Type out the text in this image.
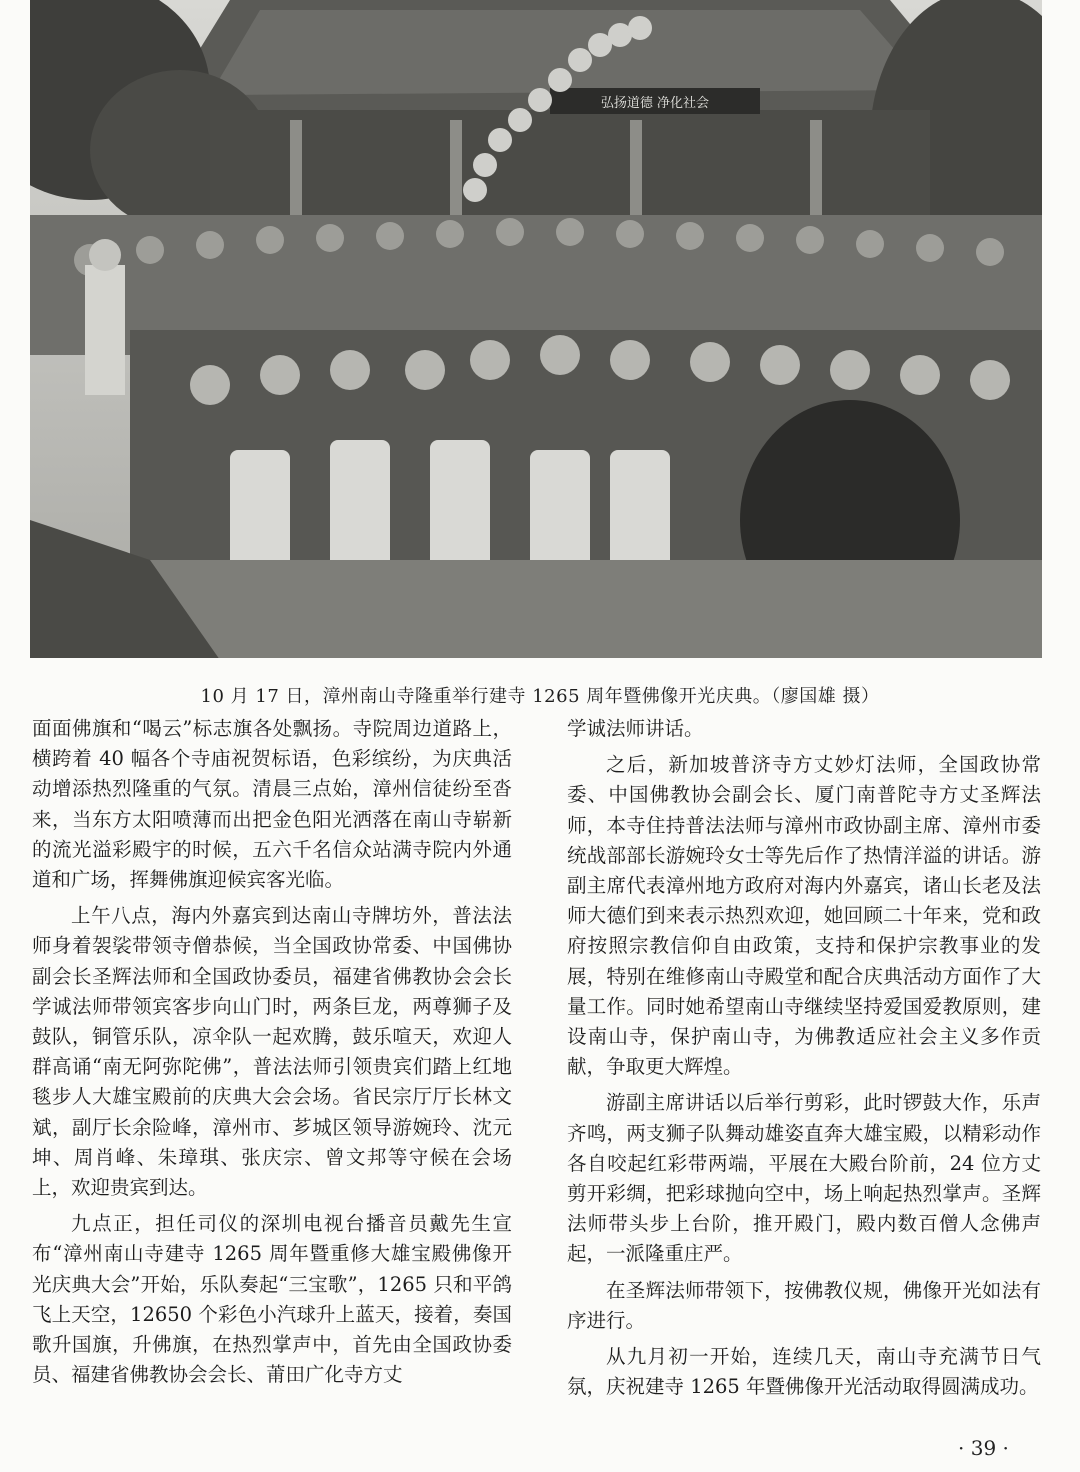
弘扬道德 净化社会
10 月 17 日，漳州南山寺隆重举行建寺 1265 周年暨佛像开光庆典。（廖国雄 摄）

面面佛旗和“喝云”标志旗各处飘扬。寺院周边道路上，横跨着 40 幅各个寺庙祝贺标语，色彩缤纷，为庆典活动增添热烈隆重的气氛。清晨三点始，漳州信徒纷至沓来，当东方太阳喷薄而出把金色阳光洒落在南山寺崭新的流光溢彩殿宇的时候，五六千名信众站满寺院内外通道和广场，挥舞佛旗迎候宾客光临。

上午八点，海内外嘉宾到达南山寺牌坊外，普法法师身着袈裟带领寺僧恭候，当全国政协常委、中国佛协副会长圣辉法师和全国政协委员，福建省佛教协会会长学诚法师带领宾客步向山门时，两条巨龙，两尊狮子及鼓队，铜管乐队，凉伞队一起欢腾，鼓乐喧天，欢迎人群高诵“南无阿弥陀佛”，普法法师引领贵宾们踏上红地毯步人大雄宝殿前的庆典大会会场。省民宗厅厅长林文斌，副厅长余险峰，漳州市、芗城区领导游婉玲、沈元坤、周肖峰、朱璋琪、张庆宗、曾文邦等守候在会场上，欢迎贵宾到达。

九点正，担任司仪的深圳电视台播音员戴先生宣布“漳州南山寺建寺 1265 周年暨重修大雄宝殿佛像开光庆典大会”开始，乐队奏起“三宝歌”，1265 只和平鸽飞上天空，12650 个彩色小汽球升上蓝天，接着，奏国歌升国旗，升佛旗，在热烈掌声中，首先由全国政协委员、福建省佛教协会会长、莆田广化寺方丈

学诚法师讲话。

之后，新加坡普济寺方丈妙灯法师，全国政协常委、中国佛教协会副会长、厦门南普陀寺方丈圣辉法师，本寺住持普法法师与漳州市政协副主席、漳州市委统战部部长游婉玲女士等先后作了热情洋溢的讲话。游副主席代表漳州地方政府对海内外嘉宾，诸山长老及法师大德们到来表示热烈欢迎，她回顾二十年来，党和政府按照宗教信仰自由政策，支持和保护宗教事业的发展，特别在维修南山寺殿堂和配合庆典活动方面作了大量工作。同时她希望南山寺继续坚持爱国爱教原则，建设南山寺，保护南山寺，为佛教适应社会主义多作贡献，争取更大辉煌。

游副主席讲话以后举行剪彩，此时锣鼓大作，乐声齐鸣，两支狮子队舞动雄姿直奔大雄宝殿，以精彩动作各自咬起红彩带两端，平展在大殿台阶前，24 位方丈剪开彩绸，把彩球抛向空中，场上响起热烈掌声。圣辉法师带头步上台阶，推开殿门，殿内数百僧人念佛声起，一派隆重庄严。

在圣辉法师带领下，按佛教仪规，佛像开光如法有序进行。

从九月初一开始，连续几天，南山寺充满节日气氛，庆祝建寺 1265 年暨佛像开光活动取得圆满成功。

· 39 ·
